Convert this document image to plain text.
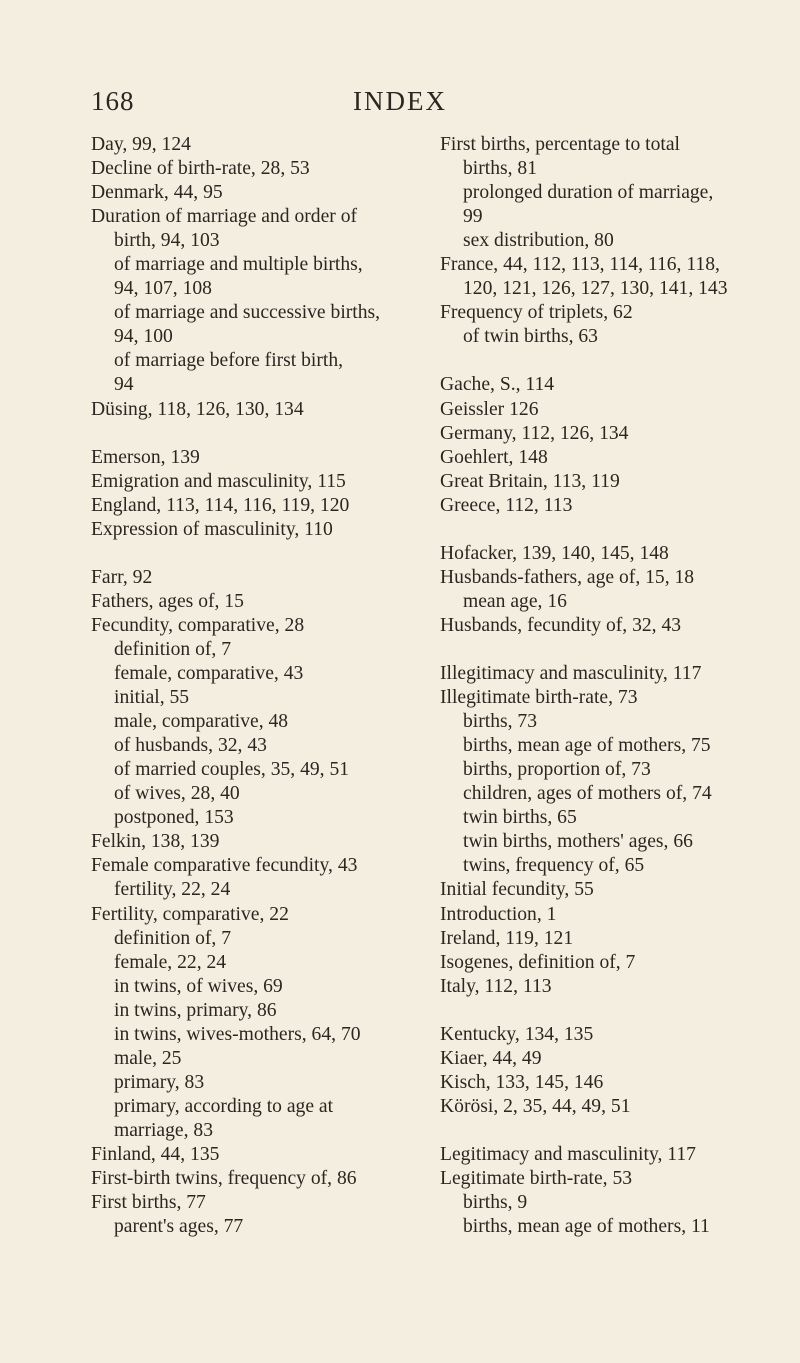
168	INDEX
Day, 99, 124
Decline of birth-rate, 28, 53
Denmark, 44, 95
Duration of marriage and order of
birth, 94, 103
of marriage and multiple births,
94, 107, 108
of marriage and successive births,
94, 100
of marriage before first birth,
94
Düsing, 118, 126, 130, 134
Emerson, 139
Emigration and masculinity, 115
England, 113, 114, 116, 119, 120
Expression of masculinity, 110
Farr, 92
Fathers, ages of, 15
Fecundity, comparative, 28
definition of, 7
female, comparative, 43
initial, 55
male, comparative, 48
of husbands, 32, 43
of married couples, 35, 49, 51
of wives, 28, 40
postponed, 153
Felkin, 138, 139
Female comparative fecundity, 43
fertility, 22, 24
Fertility, comparative, 22
definition of, 7
female, 22, 24
in twins, of wives, 69
in twins, primary, 86
in twins, wives-mothers, 64, 70
male, 25
primary, 83
primary, according to age at
marriage, 83
Finland, 44, 135
First-birth twins, frequency of, 86
First births, 77
parent's ages, 77
First births, percentage to total
births, 81
prolonged duration of marriage,
99
sex distribution, 80
France, 44, 112, 113, 114, 116, 118,
120, 121, 126, 127, 130, 141, 143
Frequency of triplets, 62
of twin births, 63
Gache, S., 114
Geissler 126
Germany, 112, 126, 134
Goehlert, 148
Great Britain, 113, 119
Greece, 112, 113
Hofacker, 139, 140, 145, 148
Husbands-fathers, age of, 15, 18
mean age, 16
Husbands, fecundity of, 32, 43
Illegitimacy and masculinity, 117
Illegitimate birth-rate, 73
births, 73
births, mean age of mothers, 75
births, proportion of, 73
children, ages of mothers of, 74
twin births, 65
twin births, mothers' ages, 66
twins, frequency of, 65
Initial fecundity, 55
Introduction, 1
Ireland, 119, 121
Isogenes, definition of, 7
Italy, 112, 113
Kentucky, 134, 135
Kiaer, 44, 49
Kisch, 133, 145, 146
Körösi, 2, 35, 44, 49, 51
Legitimacy and masculinity, 117
Legitimate birth-rate, 53
births, 9
births, mean age of mothers, 11
